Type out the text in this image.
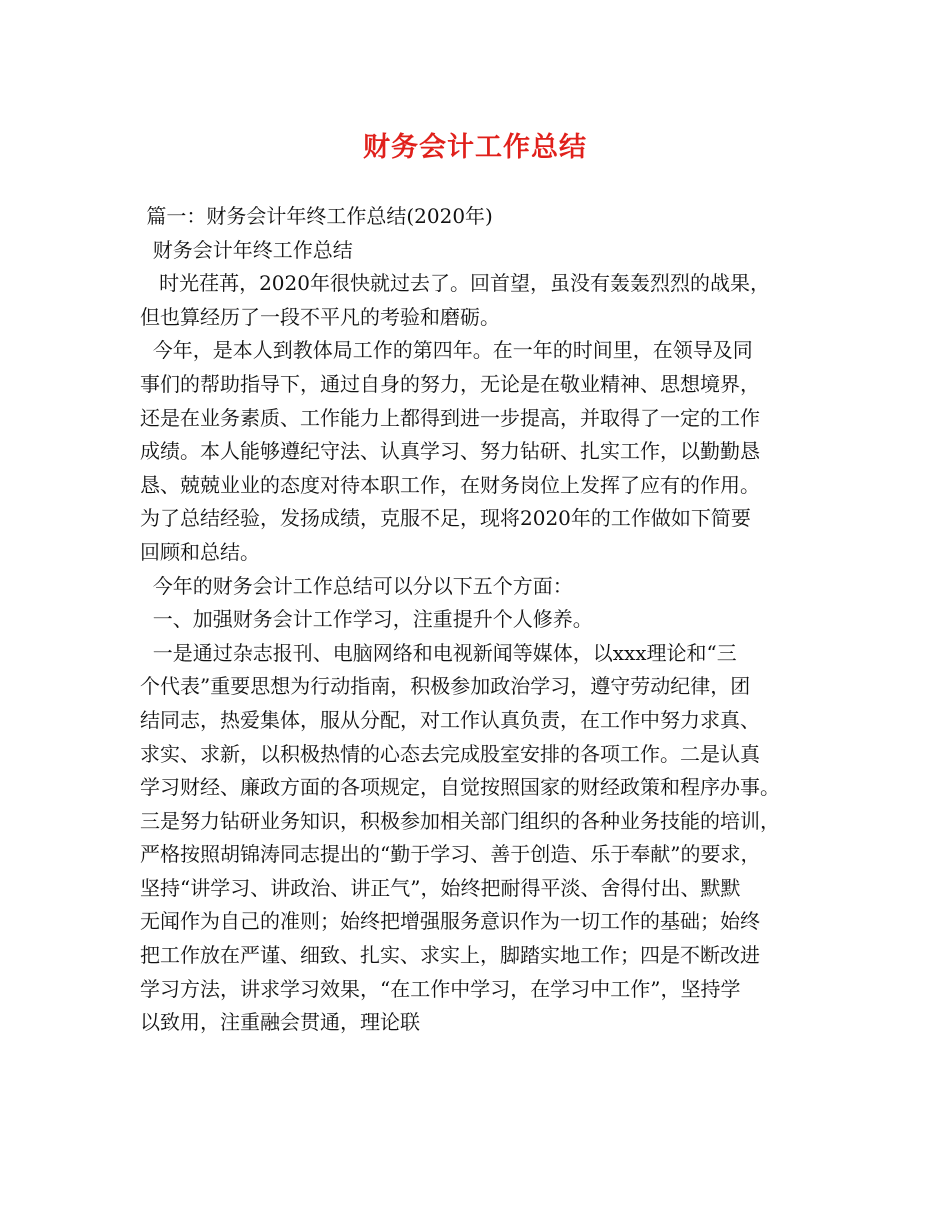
财务会计工作总结
篇一：财务会计年终工作总结(2020年)
财务会计年终工作总结
时光荏苒，2020年很快就过去了。回首望，虽没有轰轰烈烈的战果，
但也算经历了一段不平凡的考验和磨砺。
今年，是本人到教体局工作的第四年。在一年的时间里，在领导及同
事们的帮助指导下，通过自身的努力，无论是在敬业精神、思想境界，
还是在业务素质、工作能力上都得到进一步提高，并取得了一定的工作
成绩。本人能够遵纪守法、认真学习、努力钻研、扎实工作，以勤勤恳
恳、兢兢业业的态度对待本职工作，在财务岗位上发挥了应有的作用。
为了总结经验，发扬成绩，克服不足，现将2020年的工作做如下简要
回顾和总结。
今年的财务会计工作总结可以分以下五个方面：
一、加强财务会计工作学习，注重提升个人修养。
一是通过杂志报刊、电脑网络和电视新闻等媒体，以xxx理论和“三
个代表”重要思想为行动指南，积极参加政治学习，遵守劳动纪律，团
结同志，热爱集体，服从分配，对工作认真负责，在工作中努力求真、
求实、求新，以积极热情的心态去完成股室安排的各项工作。二是认真
学习财经、廉政方面的各项规定，自觉按照国家的财经政策和程序办事。
三是努力钻研业务知识，积极参加相关部门组织的各种业务技能的培训，
严格按照胡锦涛同志提出的“勤于学习、善于创造、乐于奉献”的要求，
坚持“讲学习、讲政治、讲正气”，始终把耐得平淡、舍得付出、默默
无闻作为自己的准则；始终把增强服务意识作为一切工作的基础；始终
把工作放在严谨、细致、扎实、求实上，脚踏实地工作；四是不断改进
学习方法，讲求学习效果，“在工作中学习，在学习中工作”，坚持学
以致用，注重融会贯通，理论联
